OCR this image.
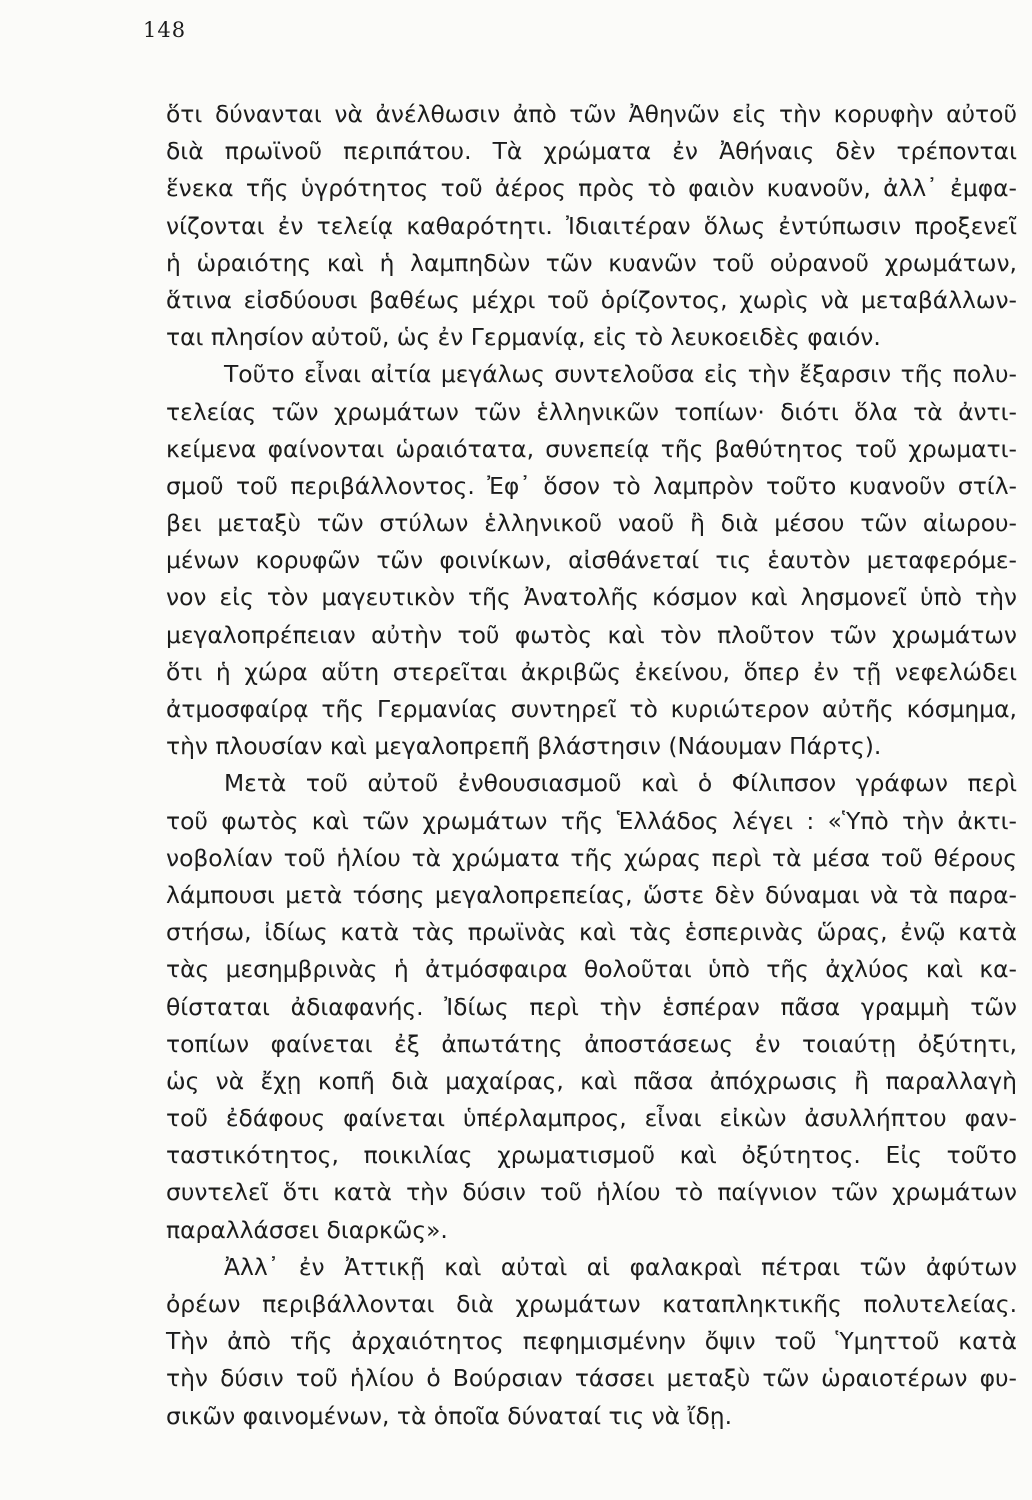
148
ὅτι δύνανται νὰ ἀνέλθωσιν ἀπὸ τῶν Ἀθηνῶν εἰς τὴν κορυφὴν αὐτοῦ
διὰ πρωϊνοῦ περιπάτου. Τὰ χρώματα ἐν Ἀθήναις δὲν τρέπονται
ἕνεκα τῆς ὑγρότητος τοῦ ἀέρος πρὸς τὸ φαιὸν κυανοῦν, ἀλλ᾽ ἐμφα-
νίζονται ἐν τελείᾳ καθαρότητι. Ἰδιαιτέραν ὅλως ἐντύπωσιν προξενεῖ
ἡ ὡραιότης καὶ ἡ λαμπηδὼν τῶν κυανῶν τοῦ οὐρανοῦ χρωμάτων,
ἅτινα εἰσδύουσι βαθέως μέχρι τοῦ ὁρίζοντος, χωρὶς νὰ μεταβάλλων-
ται πλησίον αὐτοῦ, ὡς ἐν Γερμανίᾳ, εἰς τὸ λευκοειδὲς φαιόν.
Τοῦτο εἶναι αἰτία μεγάλως συντελοῦσα εἰς τὴν ἔξαρσιν τῆς πολυ-
τελείας τῶν χρωμάτων τῶν ἑλληνικῶν τοπίων· διότι ὅλα τὰ ἀντι-
κείμενα φαίνονται ὡραιότατα, συνεπείᾳ τῆς βαθύτητος τοῦ χρωματι-
σμοῦ τοῦ περιβάλλοντος. Ἐφ᾽ ὅσον τὸ λαμπρὸν τοῦτο κυανοῦν στίλ-
βει μεταξὺ τῶν στύλων ἑλληνικοῦ ναοῦ ἢ διὰ μέσου τῶν αἰωρου-
μένων κορυφῶν τῶν φοινίκων, αἰσθάνεταί τις ἑαυτὸν μεταφερόμε-
νον εἰς τὸν μαγευτικὸν τῆς Ἀνατολῆς κόσμον καὶ λησμονεῖ ὑπὸ τὴν
μεγαλοπρέπειαν αὐτὴν τοῦ φωτὸς καὶ τὸν πλοῦτον τῶν χρωμάτων
ὅτι ἡ χώρα αὕτη στερεῖται ἀκριβῶς ἐκείνου, ὅπερ ἐν τῇ νεφελώδει
ἀτμοσφαίρᾳ τῆς Γερμανίας συντηρεῖ τὸ κυριώτερον αὐτῆς κόσμημα,
τὴν πλουσίαν καὶ μεγαλοπρεπῆ βλάστησιν (Νάουμαν Πάρτς).
Μετὰ τοῦ αὐτοῦ ἐνθουσιασμοῦ καὶ ὁ Φίλιπσον γράφων περὶ
τοῦ φωτὸς καὶ τῶν χρωμάτων τῆς Ἑλλάδος λέγει : «Ὑπὸ τὴν ἀκτι-
νοβολίαν τοῦ ἡλίου τὰ χρώματα τῆς χώρας περὶ τὰ μέσα τοῦ θέρους
λάμπουσι μετὰ τόσης μεγαλοπρεπείας, ὥστε δὲν δύναμαι νὰ τὰ παρα-
στήσω, ἰδίως κατὰ τὰς πρωϊνὰς καὶ τὰς ἑσπερινὰς ὥρας, ἐνῷ κατὰ
τὰς μεσημβρινὰς ἡ ἀτμόσφαιρα θολοῦται ὑπὸ τῆς ἀχλύος καὶ κα-
θίσταται ἀδιαφανής. Ἰδίως περὶ τὴν ἑσπέραν πᾶσα γραμμὴ τῶν
τοπίων φαίνεται ἐξ ἀπωτάτης ἀποστάσεως ἐν τοιαύτῃ ὀξύτητι,
ὡς νὰ ἔχῃ κοπῆ διὰ μαχαίρας, καὶ πᾶσα ἀπόχρωσις ἢ παραλλαγὴ
τοῦ ἐδάφους φαίνεται ὑπέρλαμπρος, εἶναι εἰκὼν ἀσυλλήπτου φαν-
ταστικότητος, ποικιλίας χρωματισμοῦ καὶ ὀξύτητος. Εἰς τοῦτο
συντελεῖ ὅτι κατὰ τὴν δύσιν τοῦ ἡλίου τὸ παίγνιον τῶν χρωμάτων
παραλλάσσει διαρκῶς».
Ἀλλ᾽ ἐν Ἀττικῇ καὶ αὐταὶ αἱ φαλακραὶ πέτραι τῶν ἀφύτων
ὀρέων περιβάλλονται διὰ χρωμάτων καταπληκτικῆς πολυτελείας.
Τὴν ἀπὸ τῆς ἀρχαιότητος πεφημισμένην ὄψιν τοῦ Ὑμηττοῦ κατὰ
τὴν δύσιν τοῦ ἡλίου ὁ Βούρσιαν τάσσει μεταξὺ τῶν ὡραιοτέρων φυ-
σικῶν φαινομένων, τὰ ὁποῖα δύναταί τις νὰ ἴδῃ.
